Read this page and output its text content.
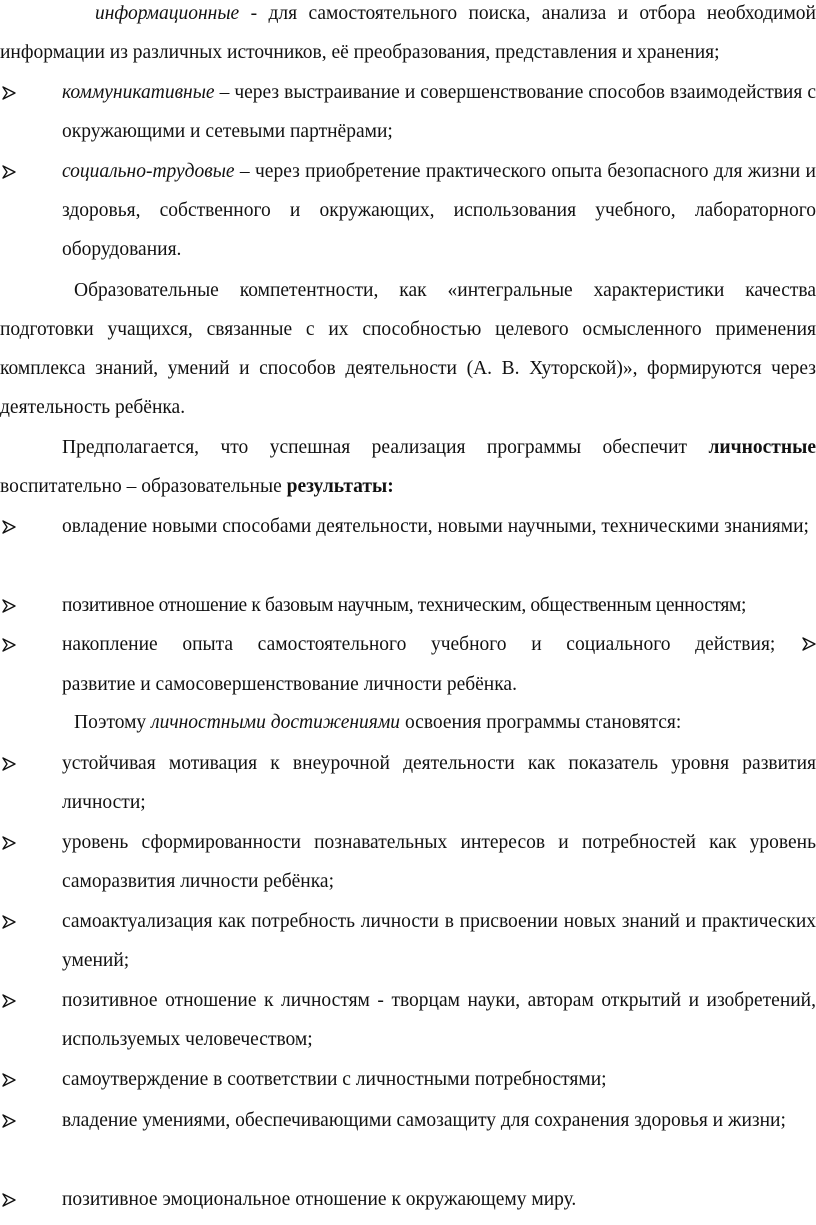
информационные - для самостоятельного поиска, анализа и отбора необходимой информации из различных источников, её преобразования, представления и хранения;

коммуникативные – через выстраивание и совершенствование способов взаимодействия с окружающими и сетевыми партнёрами;

социально-трудовые – через приобретение практического опыта безопасного для жизни и здоровья, собственного и окружающих, использования учебного, лабораторного оборудования.

Образовательные компетентности, как «интегральные характеристики качества подготовки учащихся, связанные с их способностью целевого осмысленного применения комплекса знаний, умений и способов деятельности (А. В. Хуторской)», формируются через деятельность ребёнка.

Предполагается, что успешная реализация программы обеспечит личностные воспитательно – образовательные результаты:

овладение новыми способами деятельности, новыми научными, техническими знаниями;

позитивное отношение к базовым научным, техническим, общественным ценностям;

накопление опыта самостоятельного учебного и социального действия;

развитие и самосовершенствование личности ребёнка.

Поэтому личностными достижениями освоения программы становятся:

устойчивая мотивация к внеурочной деятельности как показатель уровня развития личности;

уровень сформированности познавательных интересов и потребностей как уровень саморазвития личности ребёнка;

самоактуализация как потребность личности в присвоении новых знаний и практических умений;

позитивное отношение к личностям - творцам науки, авторам открытий и изобретений, используемых человечеством;

самоутверждение в соответствии с личностными потребностями;

владение умениями, обеспечивающими самозащиту для сохранения здоровья и жизни;

позитивное эмоциональное отношение к окружающему миру.
